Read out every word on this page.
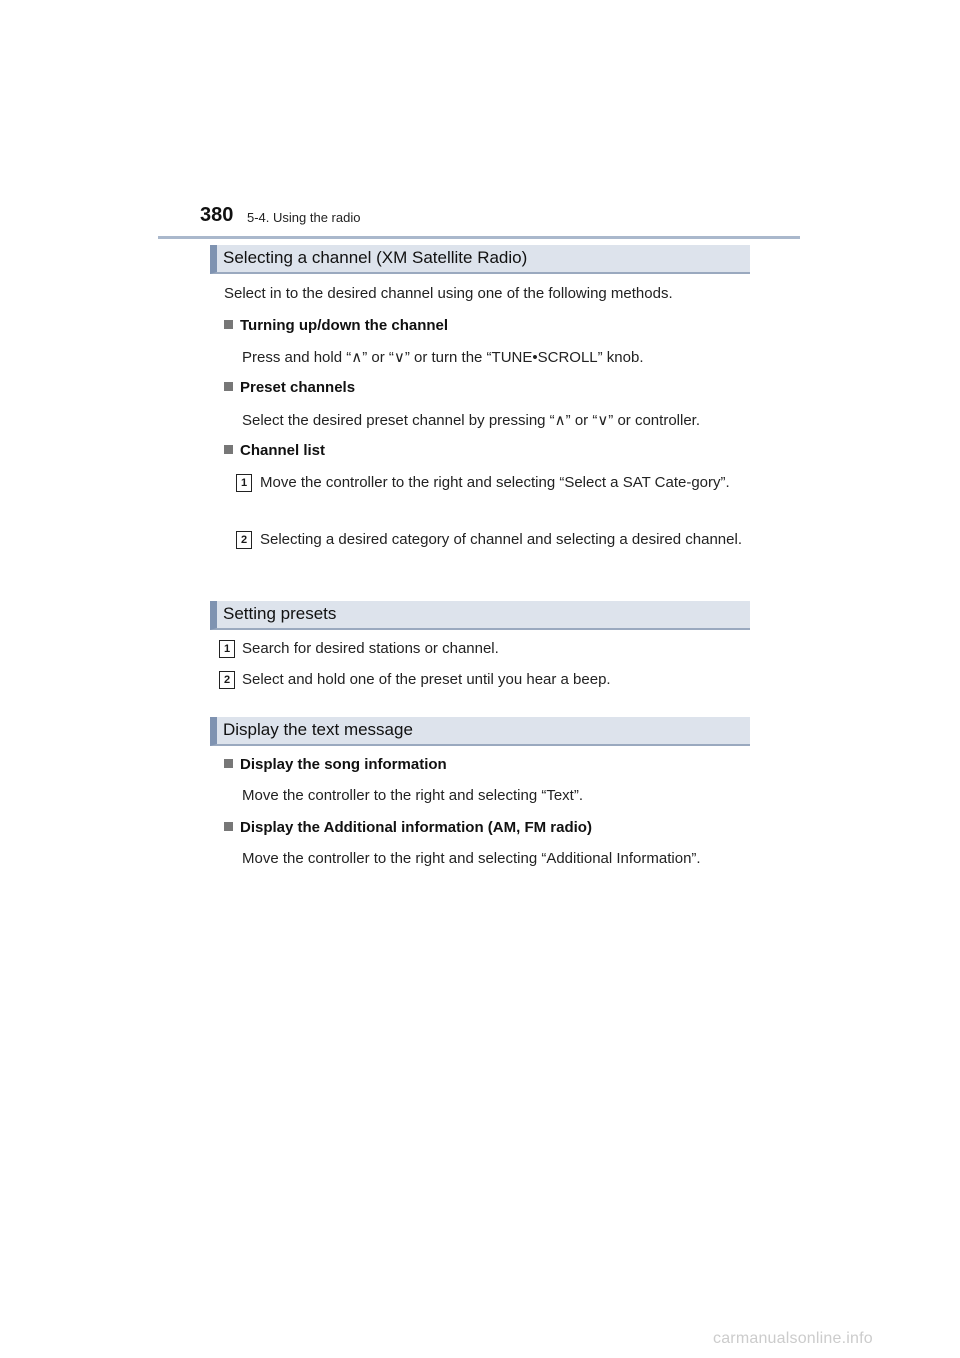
380 5-4. Using the radio
Selecting a channel (XM Satellite Radio)
Select in to the desired channel using one of the following methods.
Turning up/down the channel
Press and hold “∧” or “∨” or turn the “TUNE•SCROLL” knob.
Preset channels
Select the desired preset channel by pressing “∧” or “∨” or controller.
Channel list
1 Move the controller to the right and selecting “Select a SAT Cate-gory”.
2 Selecting a desired category of channel and selecting a desired channel.
Setting presets
1 Search for desired stations or channel.
2 Select and hold one of the preset until you hear a beep.
Display the text message
Display the song information
Move the controller to the right and selecting “Text”.
Display the Additional information (AM, FM radio)
Move the controller to the right and selecting “Additional Information”.
carmanualsonline.info
